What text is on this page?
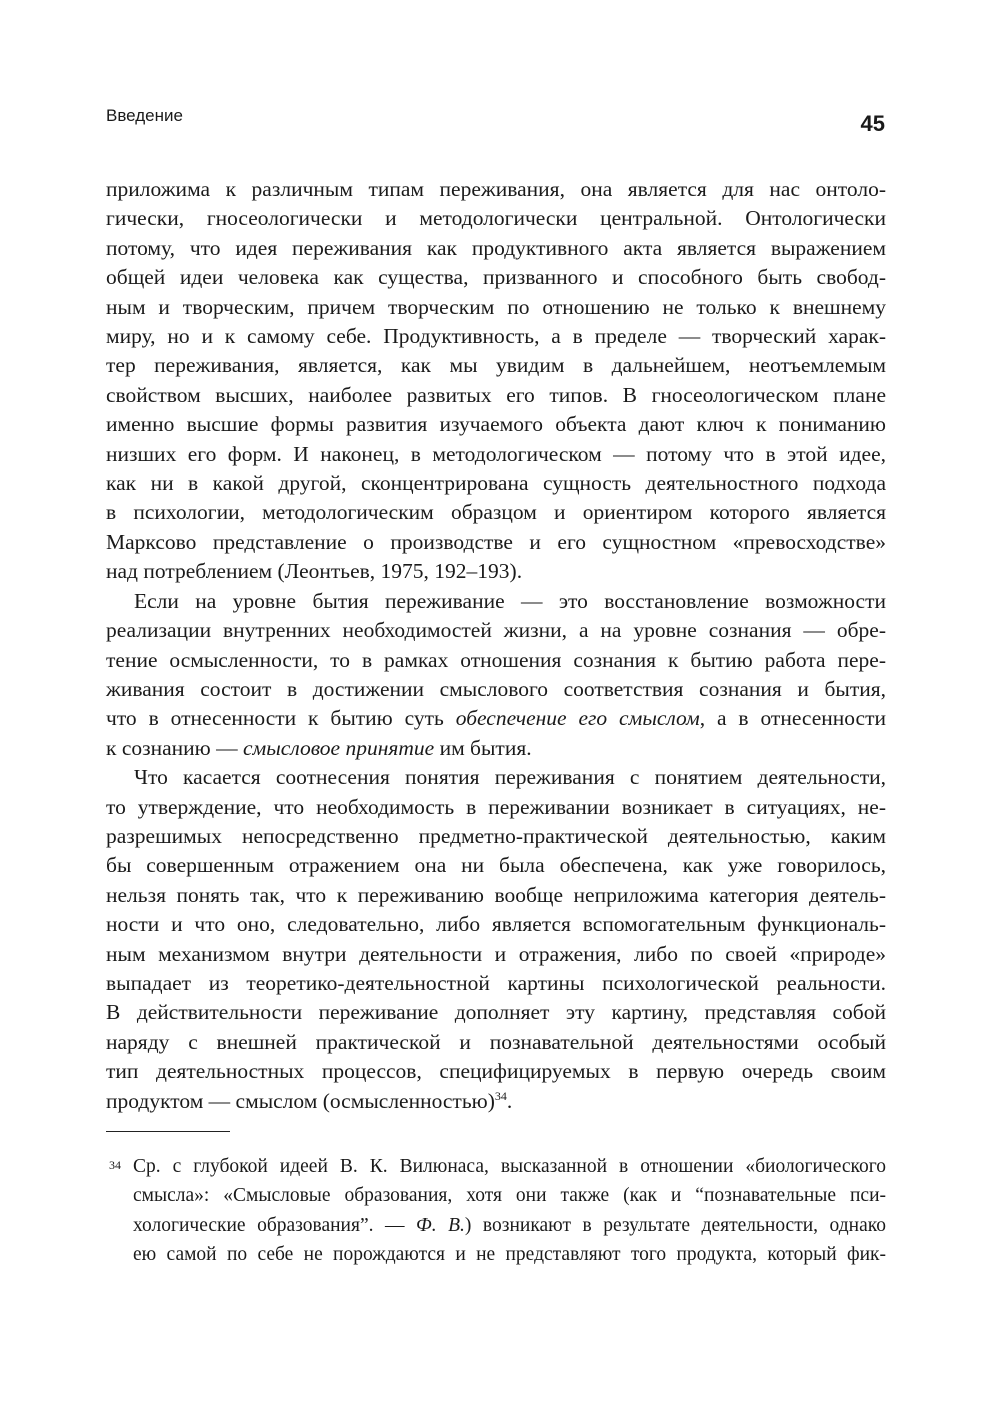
Введение	45
приложима к различным типам переживания, она является для нас онтоло-
гически, гносеологически и методологически центральной. Онтологически
потому, что идея переживания как продуктивного акта является выражением
общей идеи человека как существа, призванного и способного быть свобод-
ным и творческим, причем творческим по отношению не только к внешнему
миру, но и к самому себе. Продуктивность, а в пределе — творческий харак-
тер переживания, является, как мы увидим в дальнейшем, неотъемлемым
свойством высших, наиболее развитых его типов. В гносеологическом плане
именно высшие формы развития изучаемого объекта дают ключ к пониманию
низших его форм. И наконец, в методологическом — потому что в этой идее,
как ни в какой другой, сконцентрирована сущность деятельностного подхода
в психологии, методологическим образцом и ориентиром которого является
Марксово представление о производстве и его сущностном «превосходстве»
над потреблением (Леонтьев, 1975, 192–193).
Если на уровне бытия переживание — это восстановление возможности
реализации внутренних необходимостей жизни, а на уровне сознания — обре-
тение осмысленности, то в рамках отношения сознания к бытию работа пере-
живания состоит в достижении смыслового соответствия сознания и бытия,
что в отнесенности к бытию суть обеспечение его смыслом, а в отнесенности
к сознанию — смысловое принятие им бытия.
Что касается соотнесения понятия переживания с понятием деятельности,
то утверждение, что необходимость в переживании возникает в ситуациях, не-
разрешимых непосредственно предметно-практической деятельностью, каким
бы совершенным отражением она ни была обеспечена, как уже говорилось,
нельзя понять так, что к переживанию вообще неприложима категория деятель-
ности и что оно, следовательно, либо является вспомогательным функциональ-
ным механизмом внутри деятельности и отражения, либо по своей «природе»
выпадает из теоретико-деятельностной картины психологической реальности.
В действительности переживание дополняет эту картину, представляя собой
наряду с внешней практической и познавательной деятельностями особый
тип деятельностных процессов, специфицируемых в первую очередь своим
продуктом — смыслом (осмысленностью)$^{34}$.
34 Ср. с глубокой идеей В. К. Вилюнаса, высказанной в отношении «биологического
смысла»: «Смысловые образования, хотя они также (как и “познавательные пси-
хологические образования”. — Ф. В.) возникают в результате деятельности, однако
ею самой по себе не порождаются и не представляют того продукта, который фик-
